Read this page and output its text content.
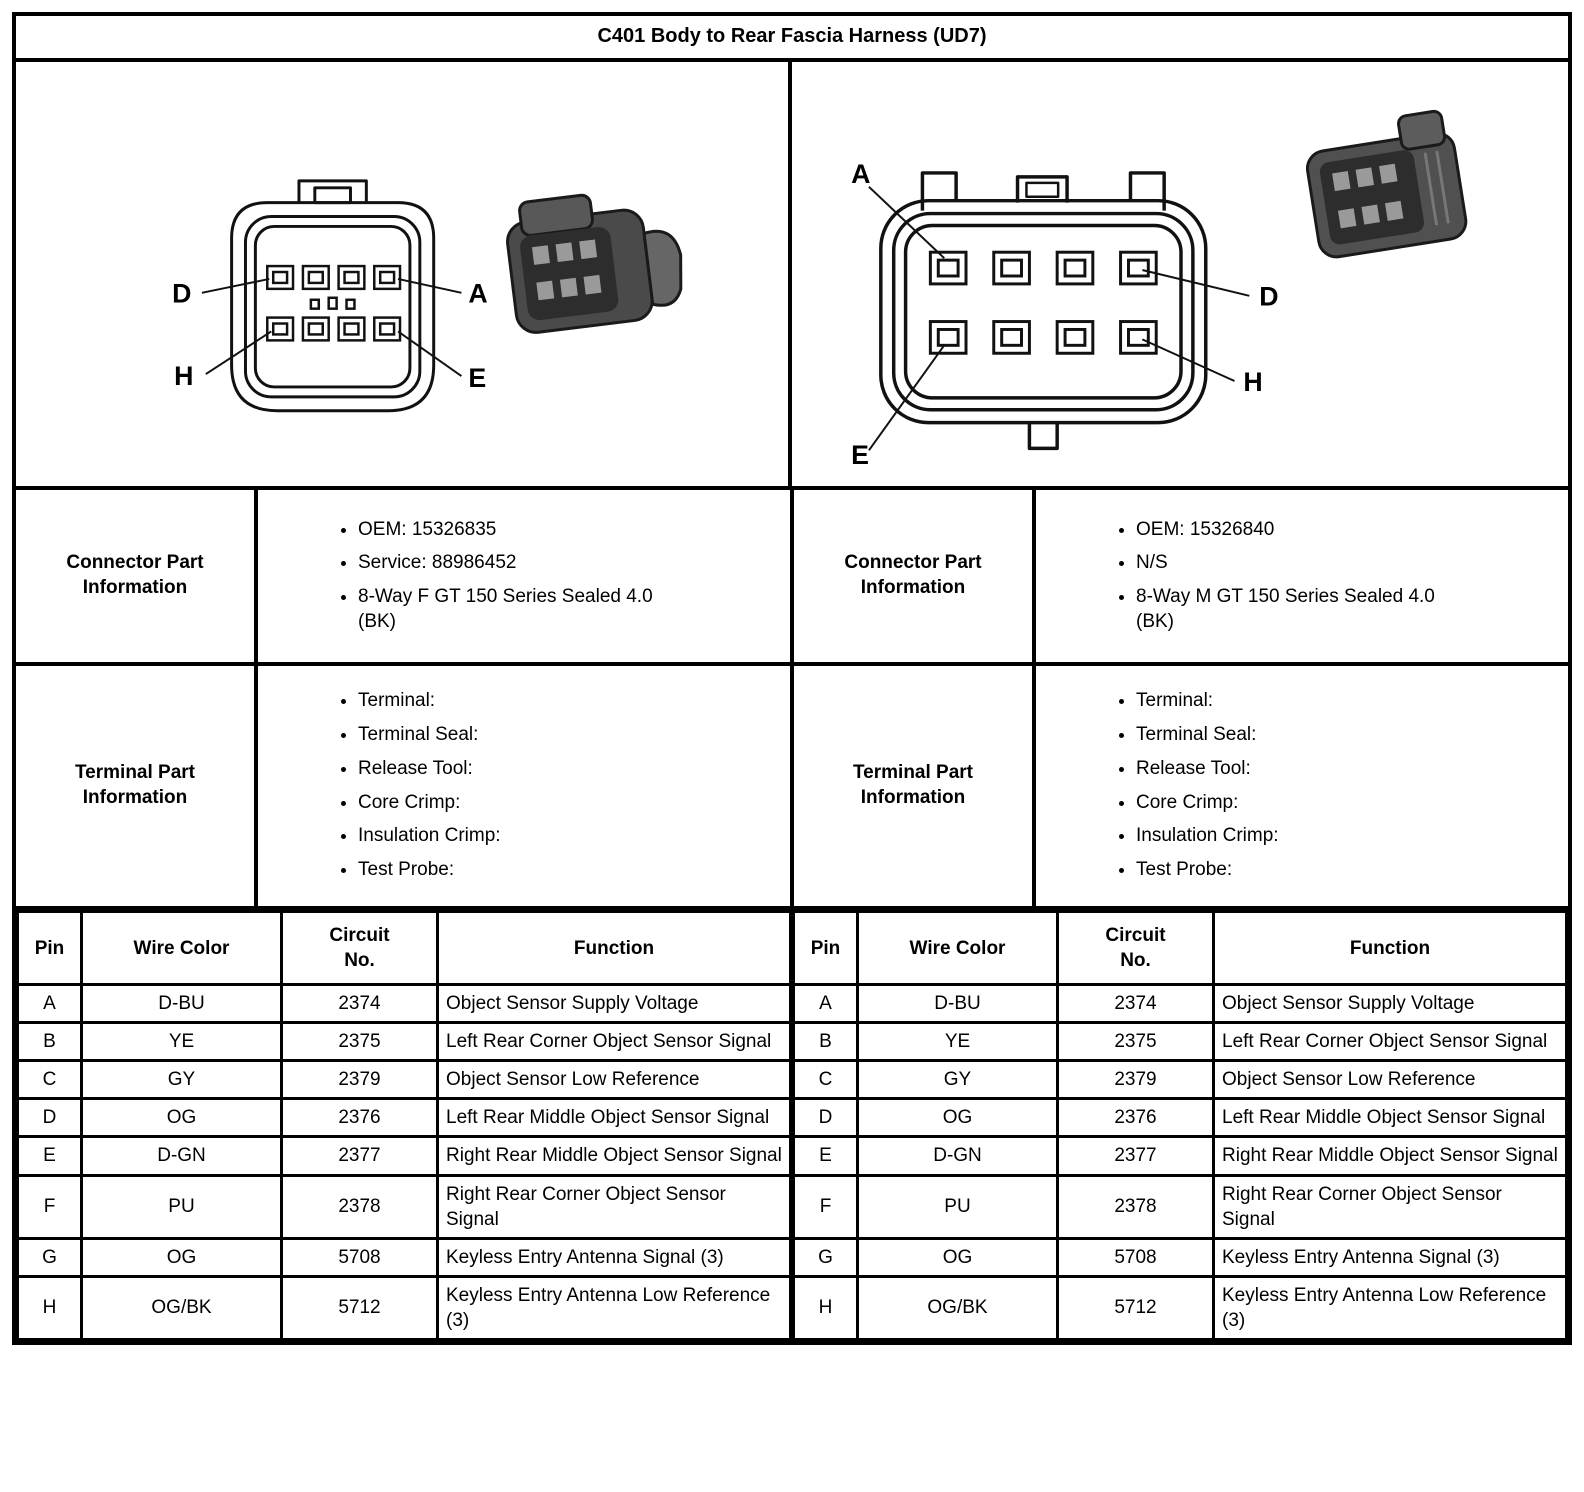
C401 Body to Rear Fascia Harness (UD7)
D	A
H	E
A
D
H
E
Connector Part Information
• OEM: 15326835
• Service: 88986452
• 8-Way F GT 150 Series Sealed 4.0 (BK)
Connector Part Information
• OEM: 15326840
• N/S
• 8-Way M GT 150 Series Sealed 4.0 (BK)
Terminal Part Information
• Terminal:
• Terminal Seal:
• Release Tool:
• Core Crimp:
• Insulation Crimp:
• Test Probe:
Terminal Part Information
• Terminal:
• Terminal Seal:
• Release Tool:
• Core Crimp:
• Insulation Crimp:
• Test Probe:
Pin	Wire Color	Circuit No.	Function
A	D-BU	2374	Object Sensor Supply Voltage
B	YE	2375	Left Rear Corner Object Sensor Signal
C	GY	2379	Object Sensor Low Reference
D	OG	2376	Left Rear Middle Object Sensor Signal
E	D-GN	2377	Right Rear Middle Object Sensor Signal
F	PU	2378	Right Rear Corner Object Sensor Signal
G	OG	5708	Keyless Entry Antenna Signal (3)
H	OG/BK	5712	Keyless Entry Antenna Low Reference (3)
Pin	Wire Color	Circuit No.	Function
A	D-BU	2374	Object Sensor Supply Voltage
B	YE	2375	Left Rear Corner Object Sensor Signal
C	GY	2379	Object Sensor Low Reference
D	OG	2376	Left Rear Middle Object Sensor Signal
E	D-GN	2377	Right Rear Middle Object Sensor Signal
F	PU	2378	Right Rear Corner Object Sensor Signal
G	OG	5708	Keyless Entry Antenna Signal (3)
H	OG/BK	5712	Keyless Entry Antenna Low Reference (3)
